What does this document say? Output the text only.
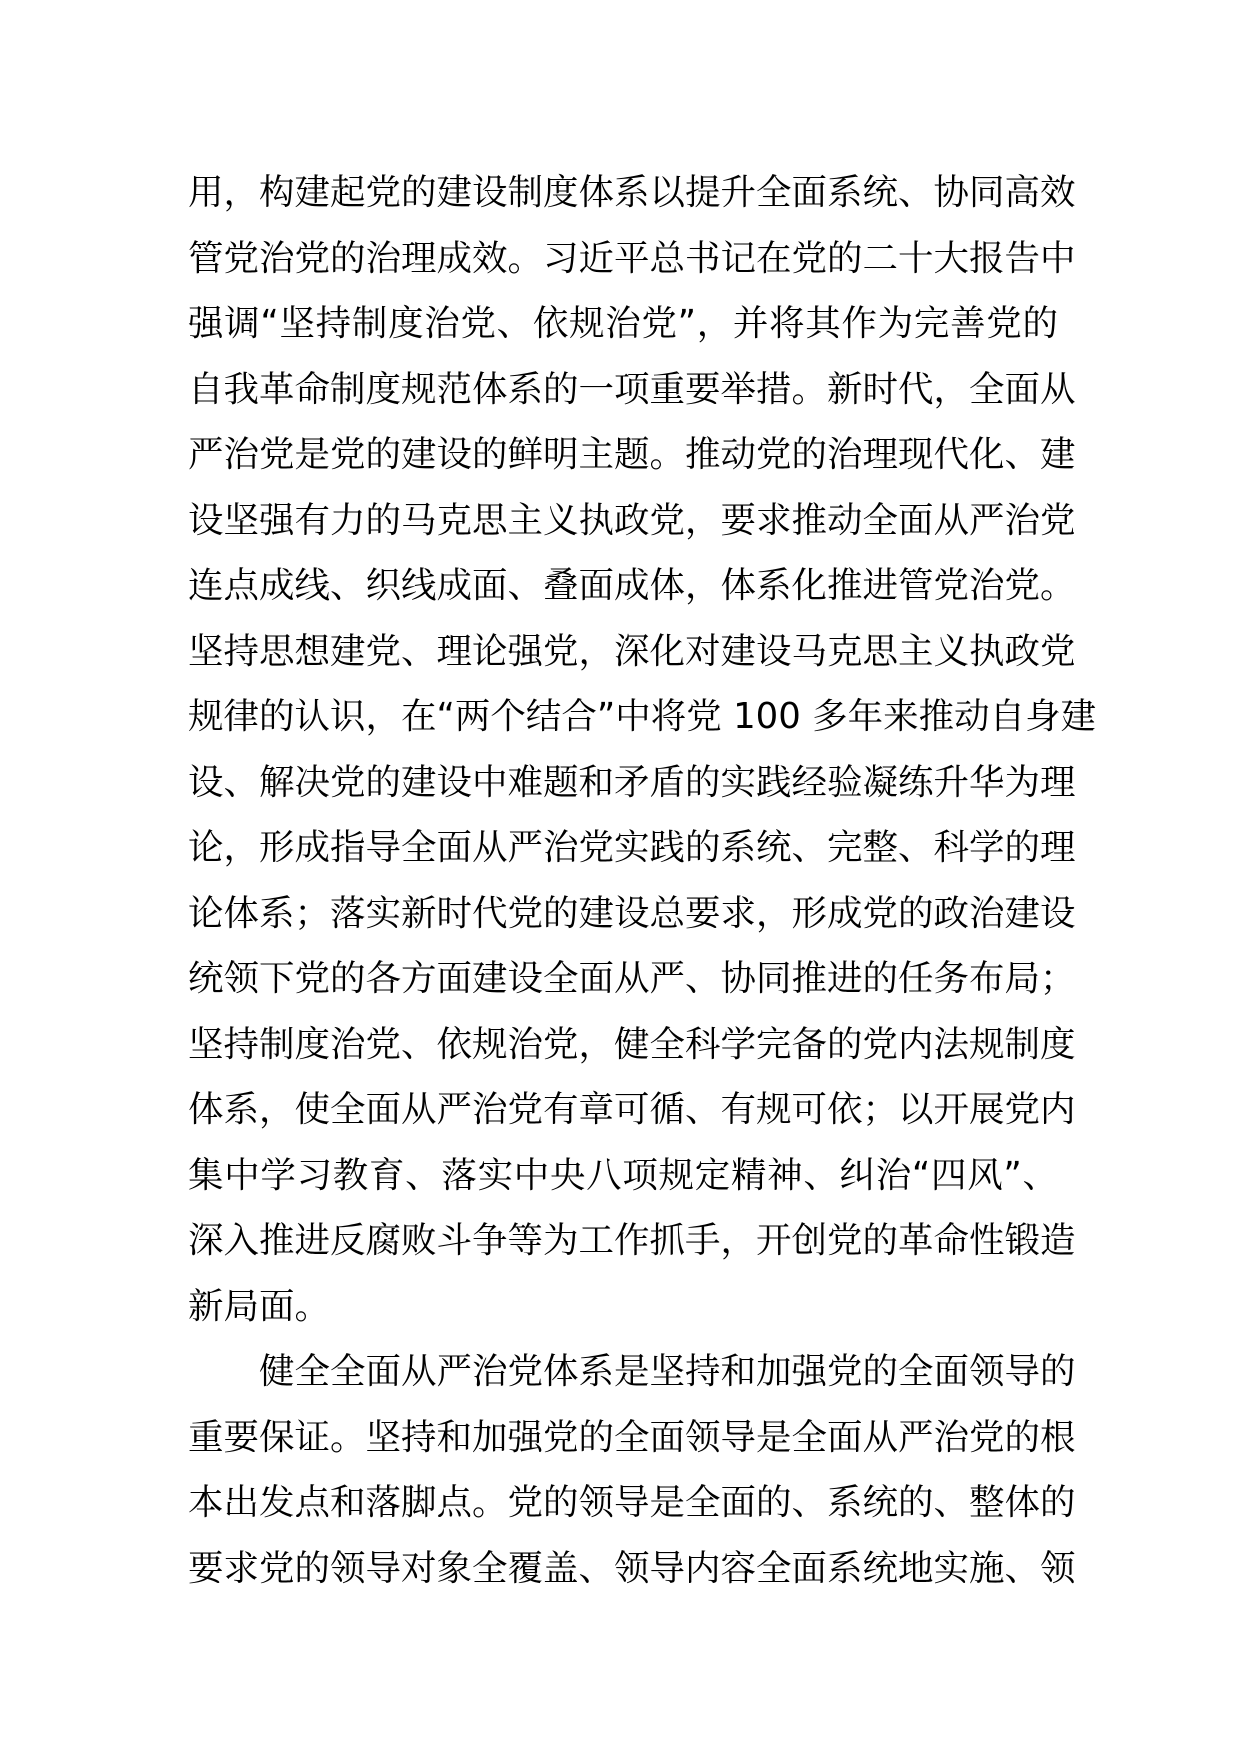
用，构建起党的建设制度体系以提升全面系统、协同高效
管党治党的治理成效。习近平总书记在党的二十大报告中
强调“坚持制度治党、依规治党”，并将其作为完善党的
自我革命制度规范体系的一项重要举措。新时代，全面从
严治党是党的建设的鲜明主题。推动党的治理现代化、建
设坚强有力的马克思主义执政党，要求推动全面从严治党
连点成线、织线成面、叠面成体，体系化推进管党治党。
坚持思想建党、理论强党，深化对建设马克思主义执政党
规律的认识，在“两个结合”中将党 100 多年来推动自身建
设、解决党的建设中难题和矛盾的实践经验凝练升华为理
论，形成指导全面从严治党实践的系统、完整、科学的理
论体系；落实新时代党的建设总要求，形成党的政治建设
统领下党的各方面建设全面从严、协同推进的任务布局；
坚持制度治党、依规治党，健全科学完备的党内法规制度
体系，使全面从严治党有章可循、有规可依；以开展党内
集中学习教育、落实中央八项规定精神、纠治“四风”、
深入推进反腐败斗争等为工作抓手，开创党的革命性锻造
新局面。
健全全面从严治党体系是坚持和加强党的全面领导的
重要保证。坚持和加强党的全面领导是全面从严治党的根
本出发点和落脚点。党的领导是全面的、系统的、整体的
要求党的领导对象全覆盖、领导内容全面系统地实施、领
